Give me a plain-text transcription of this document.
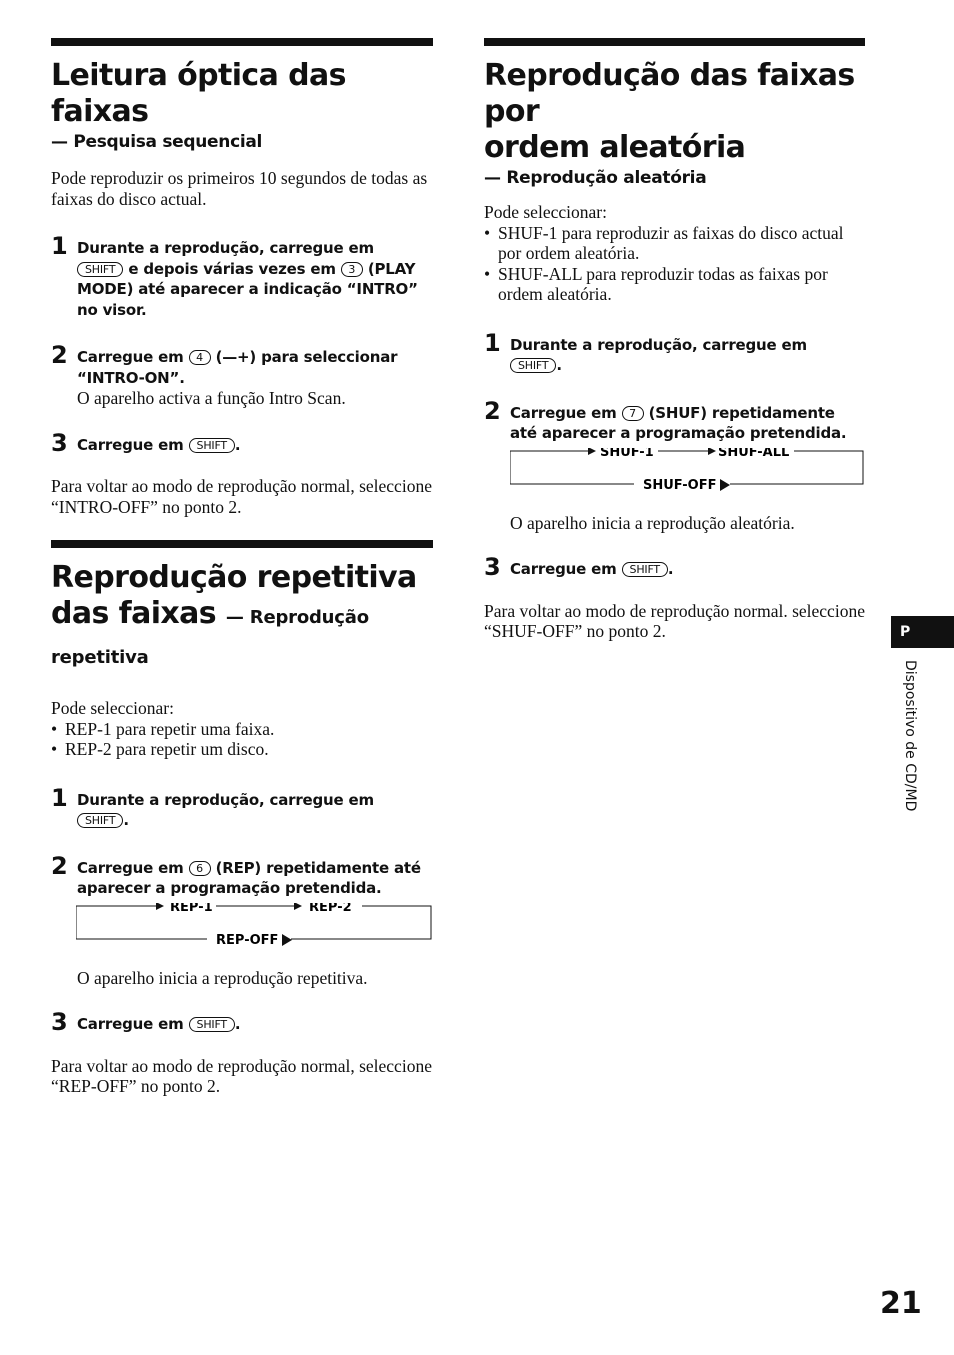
Leitura óptica das faixas
— Pesquisa sequencial

Pode reproduzir os primeiros 10 segundos de todas as faixas do disco actual.

1 Durante a reprodução, carregue em
SHIFT e depois várias vezes em 3 (PLAY MODE) até aparecer a indicação “INTRO” no visor.
2 Carregue em 4 (—+) para seleccionar “INTRO-ON”.
O aparelho activa a função Intro Scan.
3 Carregue em SHIFT .

Para voltar ao modo de reprodução normal, seleccione “INTRO-OFF” no ponto 2.

Reprodução repetitiva das faixas — Reprodução repetitiva

Pode seleccionar:

• REP-1 para repetir uma faixa.
• REP-2 para repetir um disco.
1 Durante a reprodução, carregue em
SHIFT .
2 Carregue em 6 (REP) repetidamente até aparecer a programação pretendida.
REP-1	REP-2
REP-OFF
O aparelho inicia a reprodução repetitiva.
3 Carregue em SHIFT .

Para voltar ao modo de reprodução normal, seleccione “REP-OFF” no ponto 2.

Reprodução das faixas por
ordem aleatória
— Reprodução aleatória

Pode seleccionar:

• SHUF-1 para reproduzir as faixas do disco actual por ordem aleatória.
• SHUF-ALL para reproduzir todas as faixas por ordem aleatória.
1 Durante a reprodução, carregue em
SHIFT .
2 Carregue em 7 (SHUF) repetidamente até aparecer a programação pretendida.
SHUF-1	SHUF-ALL
SHUF-OFF
O aparelho inicia a reprodução aleatória.
3 Carregue em SHIFT .

Para voltar ao modo de reprodução normal. seleccione “SHUF-OFF” no ponto 2.	P
Dispositivo de CD/MD
21
